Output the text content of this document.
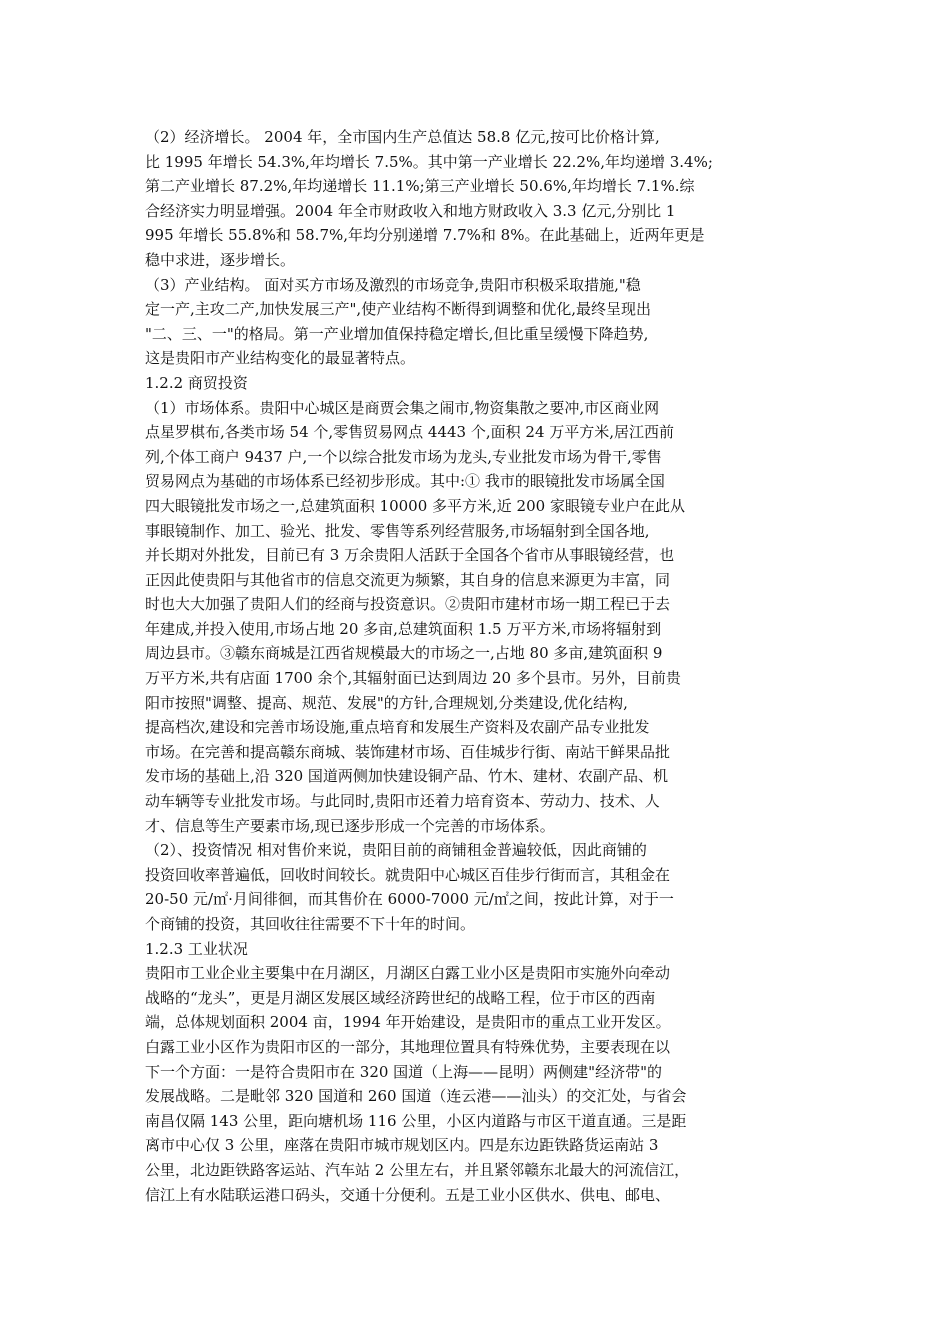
（2）经济增长。 2004 年，全市国内生产总值达 58.8 亿元,按可比价格计算,
比 1995 年增长 54.3%,年均增长 7.5%。其中第一产业增长 22.2%,年均递增 3.4%;
第二产业增长 87.2%,年均递增长 11.1%;第三产业增长 50.6%,年均增长 7.1%.综
合经济实力明显增强。2004 年全市财政收入和地方财政收入 3.3 亿元,分别比 1
995 年增长 55.8%和 58.7%,年均分别递增 7.7%和 8%。在此基础上，近两年更是
稳中求进，逐步增长。
（3）产业结构。 面对买方市场及激烈的市场竞争,贵阳市积极采取措施,"稳
定一产,主攻二产,加快发展三产",使产业结构不断得到调整和优化,最终呈现出
"二、三、一"的格局。第一产业增加值保持稳定增长,但比重呈缓慢下降趋势,
这是贵阳市产业结构变化的最显著特点。
1.2.2 商贸投资
（1）市场体系。贵阳中心城区是商贾会集之闹市,物资集散之要冲,市区商业网
点星罗棋布,各类市场 54 个,零售贸易网点 4443 个,面积 24 万平方米,居江西前
列,个体工商户 9437 户,一个以综合批发市场为龙头,专业批发市场为骨干,零售
贸易网点为基础的市场体系已经初步形成。其中:① 我市的眼镜批发市场属全国
四大眼镜批发市场之一,总建筑面积 10000 多平方米,近 200 家眼镜专业户在此从
事眼镜制作、加工、验光、批发、零售等系列经营服务,市场辐射到全国各地,
并长期对外批发，目前已有 3 万余贵阳人活跃于全国各个省市从事眼镜经营，也
正因此使贵阳与其他省市的信息交流更为频繁，其自身的信息来源更为丰富，同
时也大大加强了贵阳人们的经商与投资意识。②贵阳市建材市场一期工程已于去
年建成,并投入使用,市场占地 20 多亩,总建筑面积 1.5 万平方米,市场将辐射到
周边县市。③赣东商城是江西省规模最大的市场之一,占地 80 多亩,建筑面积 9
万平方米,共有店面 1700 余个,其辐射面已达到周边 20 多个县市。另外，目前贵
阳市按照"调整、提高、规范、发展"的方针,合理规划,分类建设,优化结构,
提高档次,建设和完善市场设施,重点培育和发展生产资料及农副产品专业批发
市场。在完善和提高赣东商城、装饰建材市场、百佳城步行街、南站干鲜果品批
发市场的基础上,沿 320 国道两侧加快建设铜产品、竹木、建材、农副产品、机
动车辆等专业批发市场。与此同时,贵阳市还着力培育资本、劳动力、技术、人
才、信息等生产要素市场,现已逐步形成一个完善的市场体系。
（2）、投资情况 相对售价来说，贵阳目前的商铺租金普遍较低，因此商铺的
投资回收率普遍低，回收时间较长。就贵阳中心城区百佳步行街而言，其租金在
20-50 元/㎡·月间徘徊，而其售价在 6000-7000 元/㎡之间，按此计算，对于一
个商铺的投资，其回收往往需要不下十年的时间。
1.2.3 工业状况
贵阳市工业企业主要集中在月湖区，月湖区白露工业小区是贵阳市实施外向牵动
战略的“龙头”，更是月湖区发展区域经济跨世纪的战略工程，位于市区的西南
端，总体规划面积 2004 亩，1994 年开始建设，是贵阳市的重点工业开发区。
白露工业小区作为贵阳市区的一部分，其地理位置具有特殊优势，主要表现在以
下一个方面：一是符合贵阳市在 320 国道（上海——昆明）两侧建"经济带"的
发展战略。二是毗邻 320 国道和 260 国道（连云港——汕头）的交汇处，与省会
南昌仅隔 143 公里，距向塘机场 116 公里，小区内道路与市区干道直通。三是距
离市中心仅 3 公里，座落在贵阳市城市规划区内。四是东边距铁路货运南站 3
公里，北边距铁路客运站、汽车站 2 公里左右，并且紧邻赣东北最大的河流信江，
信江上有水陆联运港口码头，交通十分便利。五是工业小区供水、供电、邮电、
